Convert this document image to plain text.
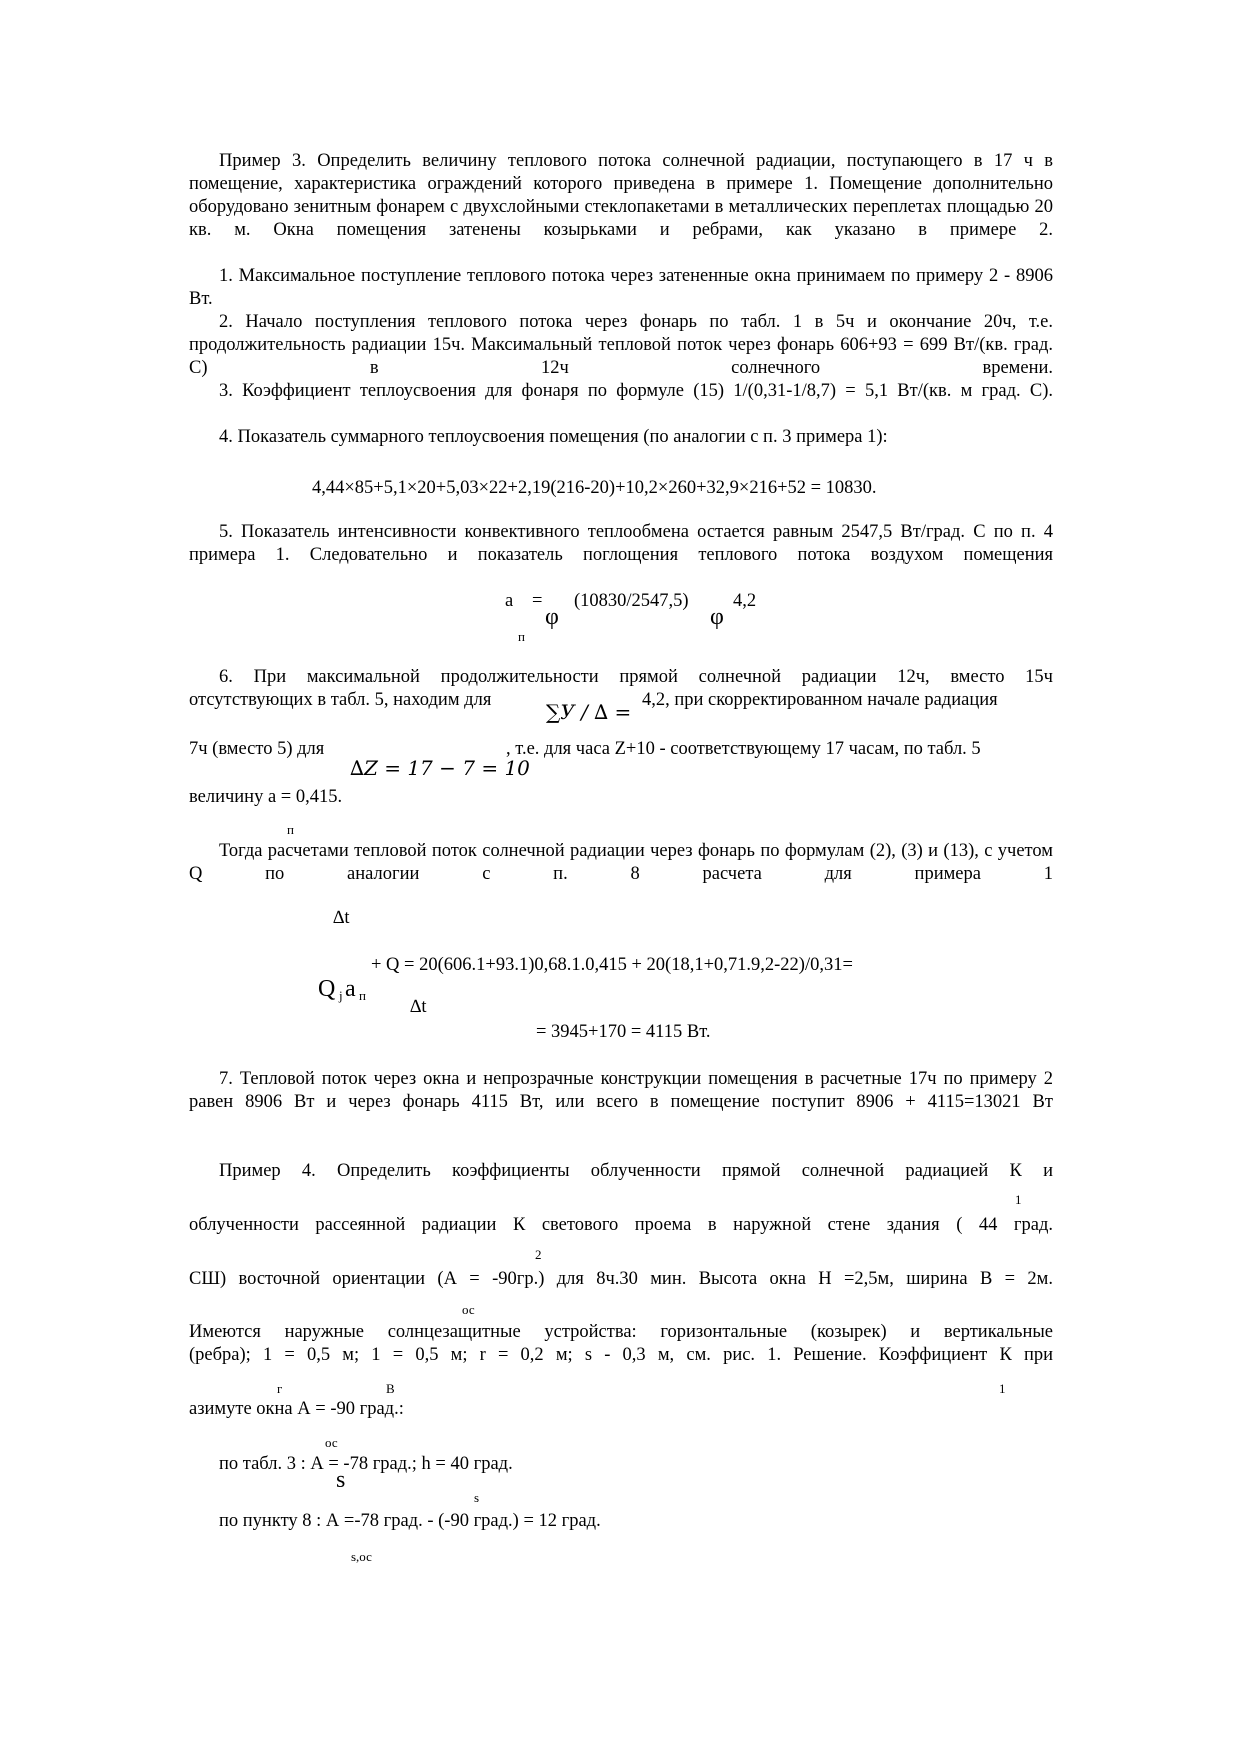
Пример 3. Определить величину теплового потока солнечной радиации, поступающего в 17 ч в помещение, характеристика ограждений которого приведена в примере 1. Помещение дополнительно оборудовано зенитным фонарем с двухслойными стеклопакетами в металлических переплетах площадью 20 кв. м. Окна помещения затенены козырьками и ребрами, как указано в примере 2.
1. Максимальное поступление теплового потока через затененные окна принимаем по примеру 2 - 8906 Вт.
2. Начало поступления теплового потока через фонарь по табл. 1 в 5ч и окончание 20ч, т.е. продолжительность радиации 15ч. Максимальный тепловой поток через фонарь 606+93 = 699 Вт/(кв. град. С) в 12ч солнечного времени.
3. Коэффициент теплоусвоения для фонаря по формуле (15) 1/(0,31-1/8,7) = 5,1 Вт/(кв. м град. С).
4. Показатель суммарного теплоусвоения помещения (по аналогии с п. 3 примера 1):
4,44×85+5,1×20+5,03×22+2,19(216-20)+10,2×260+32,9×216+52 = 10830.
5. Показатель интенсивности конвективного теплообмена остается равным 2547,5 Вт/град. С по п. 4 примера 1. Следовательно и показатель поглощения теплового потока воздухом помещения
a =
φ
(10830/2547,5)
φ
4,2
п
6. При максимальной продолжительности прямой солнечной радиации 12ч, вместо 15ч
отсутствующих в табл. 5, находим для	∑У / ∆ = 4,2, при скорректированном начале радиация
7ч (вместо 5) для
∆Z = 17 − 7 = 10
, т.е. для часа Z+10 - соответствующему 17 часам, по табл. 5
величину a = 0,415.
п
Тогда расчетами тепловой поток солнечной радиации через фонарь по формулам (2), (3) и (13), с учетом Q по аналогии с п. 8 расчета для примера 1
∆t
Q j a п
+ Q = 20(606.1+93.1)0,68.1.0,415 + 20(18,1+0,71.9,2-22)/0,31=
∆t
= 3945+170 = 4115 Вт.
7. Тепловой поток через окна и непрозрачные конструкции помещения в расчетные 17ч по примеру 2 равен 8906 Вт и через фонарь 4115 Вт, или всего в помещение поступит 8906 + 4115=13021 Вт
Пример 4. Определить коэффициенты облученности прямой солнечной радиацией К и
1
облученности рассеянной радиации К светового проема в наружной стене здания ( 44 град.
2
СШ) восточной ориентации (А = -90гр.) для 8ч.30 мин. Высота окна Н =2,5м, ширина В = 2м.
ос
Имеются наружные солнцезащитные устройства: горизонтальные (козырек) и вертикальные
(ребра); 1 = 0,5 м; 1 = 0,5 м; r = 0,2 м; s - 0,3 м, см. рис. 1. Решение. Коэффициент К при
г	В	1
азимуте окна А = -90 град.:
ос
по табл. 3 : А = -78 град.; h = 40 град.
s
s
по пункту 8 : А =-78 град. - (-90 град.) = 12 град.
s,ос
